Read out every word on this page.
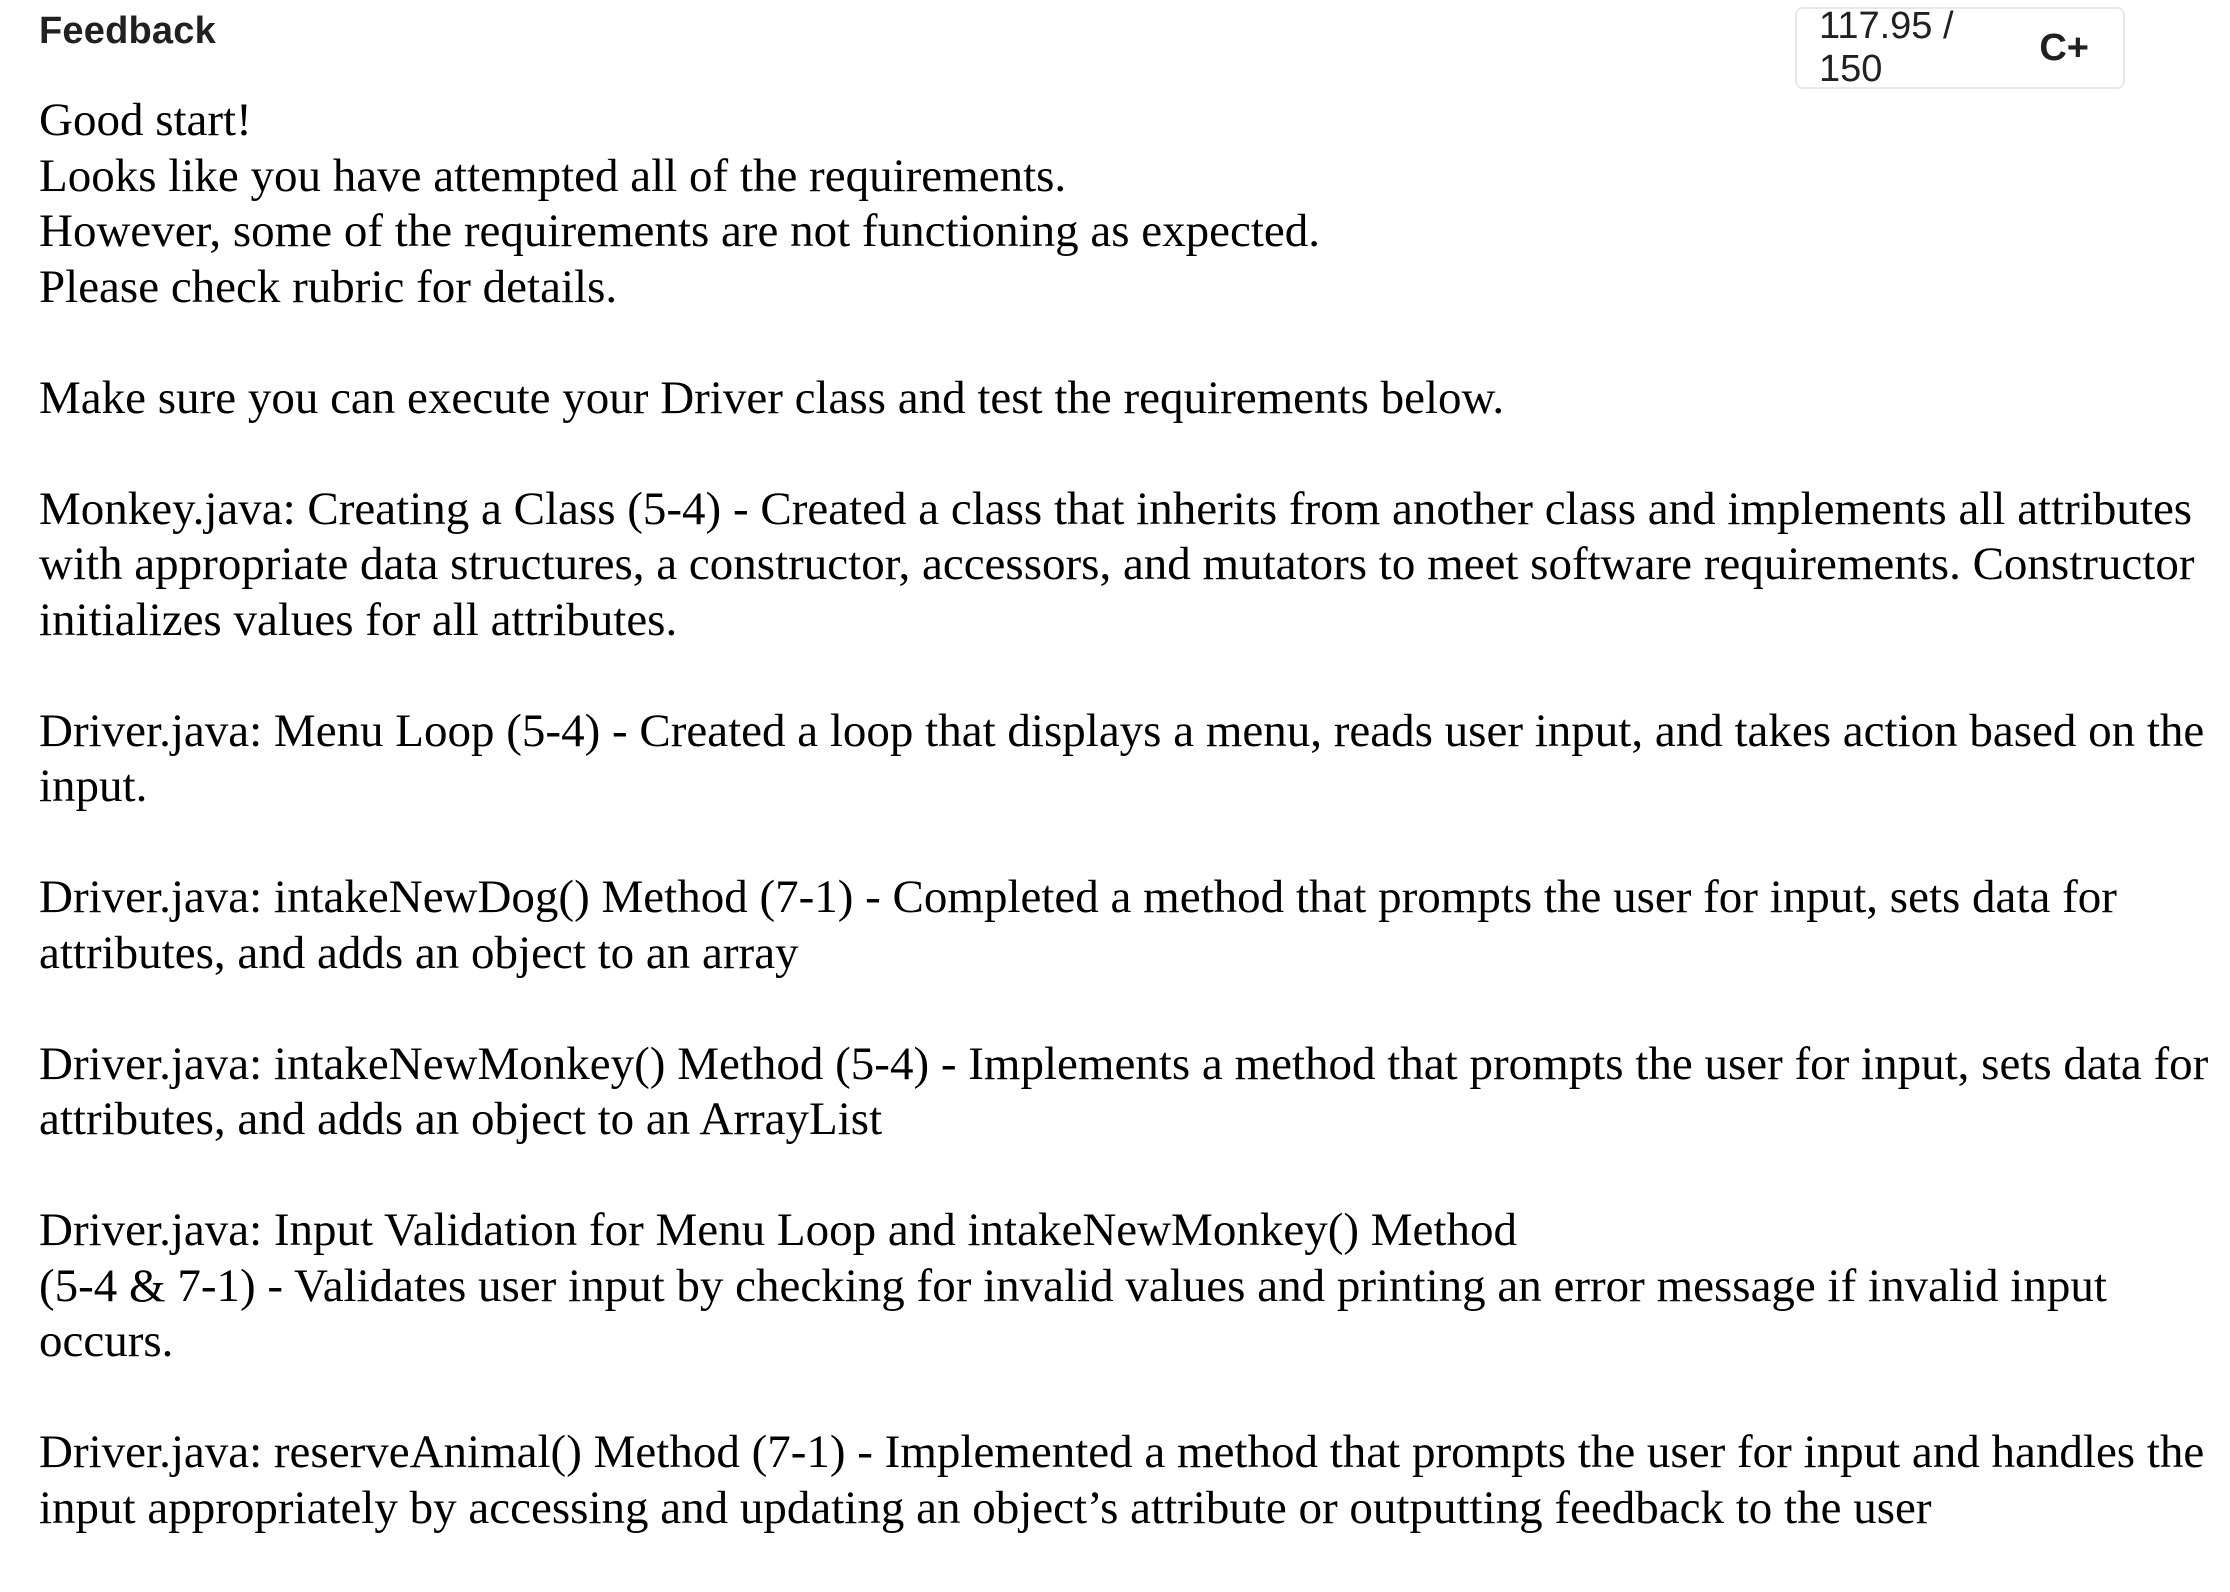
Feedback	117.95 / 150
C+

Good start!

Looks like you have attempted all of the requirements.

However, some of the requirements are not functioning as expected.

Please check rubric for details.

Make sure you can execute your Driver class and test the requirements below.

Monkey.java: Creating a Class (5-4) - Created a class that inherits from another class and implements all attributes with appropriate data structures, a constructor, accessors, and mutators to meet software requirements. Constructor initializes values for all attributes.

Driver.java: Menu Loop (5-4) - Created a loop that displays a menu, reads user input, and takes action based on the input.

Driver.java: intakeNewDog() Method (7-1) - Completed a method that prompts the user for input, sets data for attributes, and adds an object to an array

Driver.java: intakeNewMonkey() Method (5-4) - Implements a method that prompts the user for input, sets data for attributes, and adds an object to an ArrayList

Driver.java: Input Validation for Menu Loop and intakeNewMonkey() Method

(5-4 & 7-1) - Validates user input by checking for invalid values and printing an error message if invalid input occurs.

Driver.java: reserveAnimal() Method (7-1) - Implemented a method that prompts the user for input and handles the input appropriately by accessing and updating an object’s attribute or outputting feedback to the user
